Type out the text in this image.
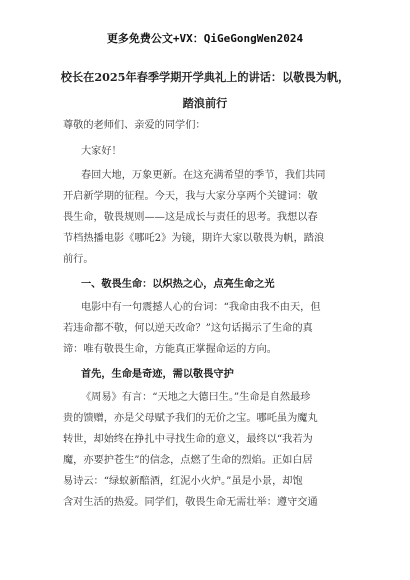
更多免费公文+VX：QiGeGongWen2024
校长在2025年春季学期开学典礼上的讲话：以敬畏为帆，
踏浪前行
尊敬的老师们、亲爱的同学们：
大家好！
春回大地，万象更新。在这充满希望的季节，我们共同
开启新学期的征程。今天，我与大家分享两个关键词：敬
畏生命，敬畏规则——这是成长与责任的思考。我想以春
节档热播电影《哪吒2》为镜，期许大家以敬畏为帆，踏浪
前行。
一、敬畏生命：以炽热之心，点亮生命之光
电影中有一句震撼人心的台词：“我命由我不由天，但
若违命都不敬，何以逆天改命？”这句话揭示了生命的真
谛：唯有敬畏生命，方能真正掌握命运的方向。
首先，生命是奇迹，需以敬畏守护
《周易》有言：“天地之大德曰生。”生命是自然最珍
贵的馈赠，亦是父母赋予我们的无价之宝。哪吒虽为魔丸
转世，却始终在挣扎中寻找生命的意义，最终以“我若为
魔，亦要护苍生”的信念，点燃了生命的烈焰。正如白居
易诗云：“绿蚁新醅酒，红泥小火炉。”虽是小景，却饱
含对生活的热爱。同学们，敬畏生命无需壮举：遵守交通
